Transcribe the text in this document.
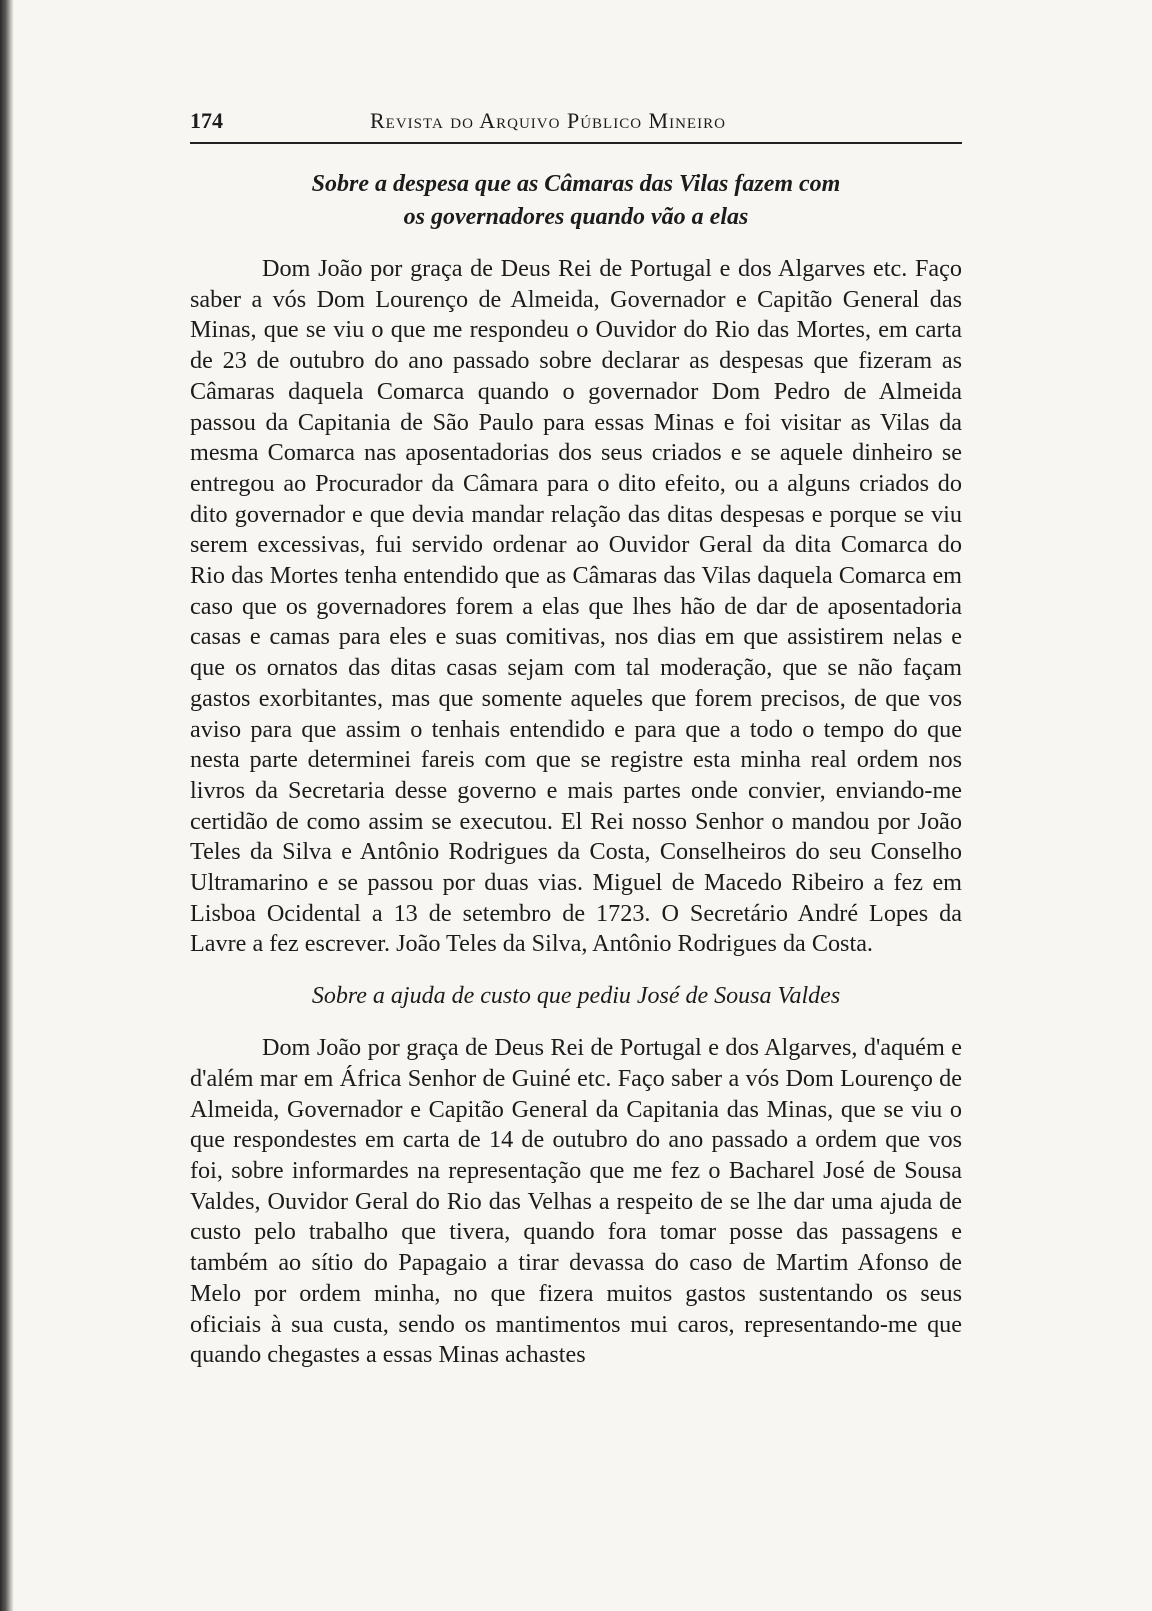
174	Revista do Arquivo Público Mineiro
Sobre a despesa que as Câmaras das Vilas fazem com
os governadores quando vão a elas

Dom João por graça de Deus Rei de Portugal e dos Algarves etc. Faço saber a vós Dom Lourenço de Almeida, Governador e Capitão General das Minas, que se viu o que me respondeu o Ouvidor do Rio das Mortes, em carta de 23 de outubro do ano passado sobre declarar as despesas que fizeram as Câmaras daquela Comarca quando o governador Dom Pedro de Almeida passou da Capitania de São Paulo para essas Minas e foi visitar as Vilas da mesma Comarca nas aposentadorias dos seus criados e se aquele dinheiro se entregou ao Procurador da Câmara para o dito efeito, ou a alguns criados do dito governador e que devia mandar relação das ditas despesas e porque se viu serem excessivas, fui servido ordenar ao Ouvidor Geral da dita Comarca do Rio das Mortes tenha entendido que as Câmaras das Vilas daquela Comarca em caso que os governadores forem a elas que lhes hão de dar de aposentadoria casas e camas para eles e suas comitivas, nos dias em que assistirem nelas e que os ornatos das ditas casas sejam com tal moderação, que se não façam gastos exorbitantes, mas que somente aqueles que forem precisos, de que vos aviso para que assim o tenhais entendido e para que a todo o tempo do que nesta parte determinei fareis com que se registre esta minha real ordem nos livros da Secretaria desse governo e mais partes onde convier, enviando-me certidão de como assim se executou. El Rei nosso Senhor o mandou por João Teles da Silva e Antônio Rodrigues da Costa, Conselheiros do seu Conselho Ultramarino e se passou por duas vias. Miguel de Macedo Ribeiro a fez em Lisboa Ocidental a 13 de setembro de 1723. O Secretário André Lopes da Lavre a fez escrever. João Teles da Silva, Antônio Rodrigues da Costa.

Sobre a ajuda de custo que pediu José de Sousa Valdes

Dom João por graça de Deus Rei de Portugal e dos Algarves, d'aquém e d'além mar em África Senhor de Guiné etc. Faço saber a vós Dom Lourenço de Almeida, Governador e Capitão General da Capitania das Minas, que se viu o que respondestes em carta de 14 de outubro do ano passado a ordem que vos foi, sobre informardes na representação que me fez o Bacharel José de Sousa Valdes, Ouvidor Geral do Rio das Velhas a respeito de se lhe dar uma ajuda de custo pelo trabalho que tivera, quando fora tomar posse das passagens e também ao sítio do Papagaio a tirar devassa do caso de Martim Afonso de Melo por ordem minha, no que fizera muitos gastos sustentando os seus oficiais à sua custa, sendo os mantimentos mui caros, representando-me que quando chegastes a essas Minas achastes
